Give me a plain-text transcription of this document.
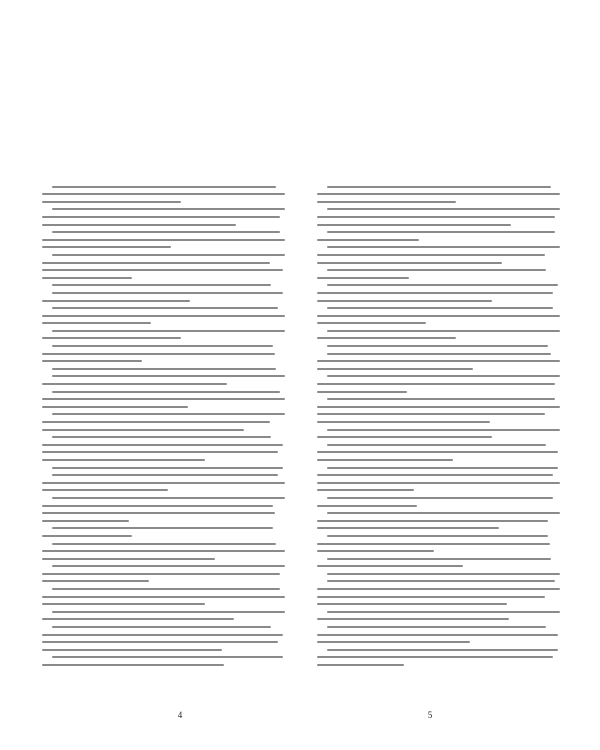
4	5
